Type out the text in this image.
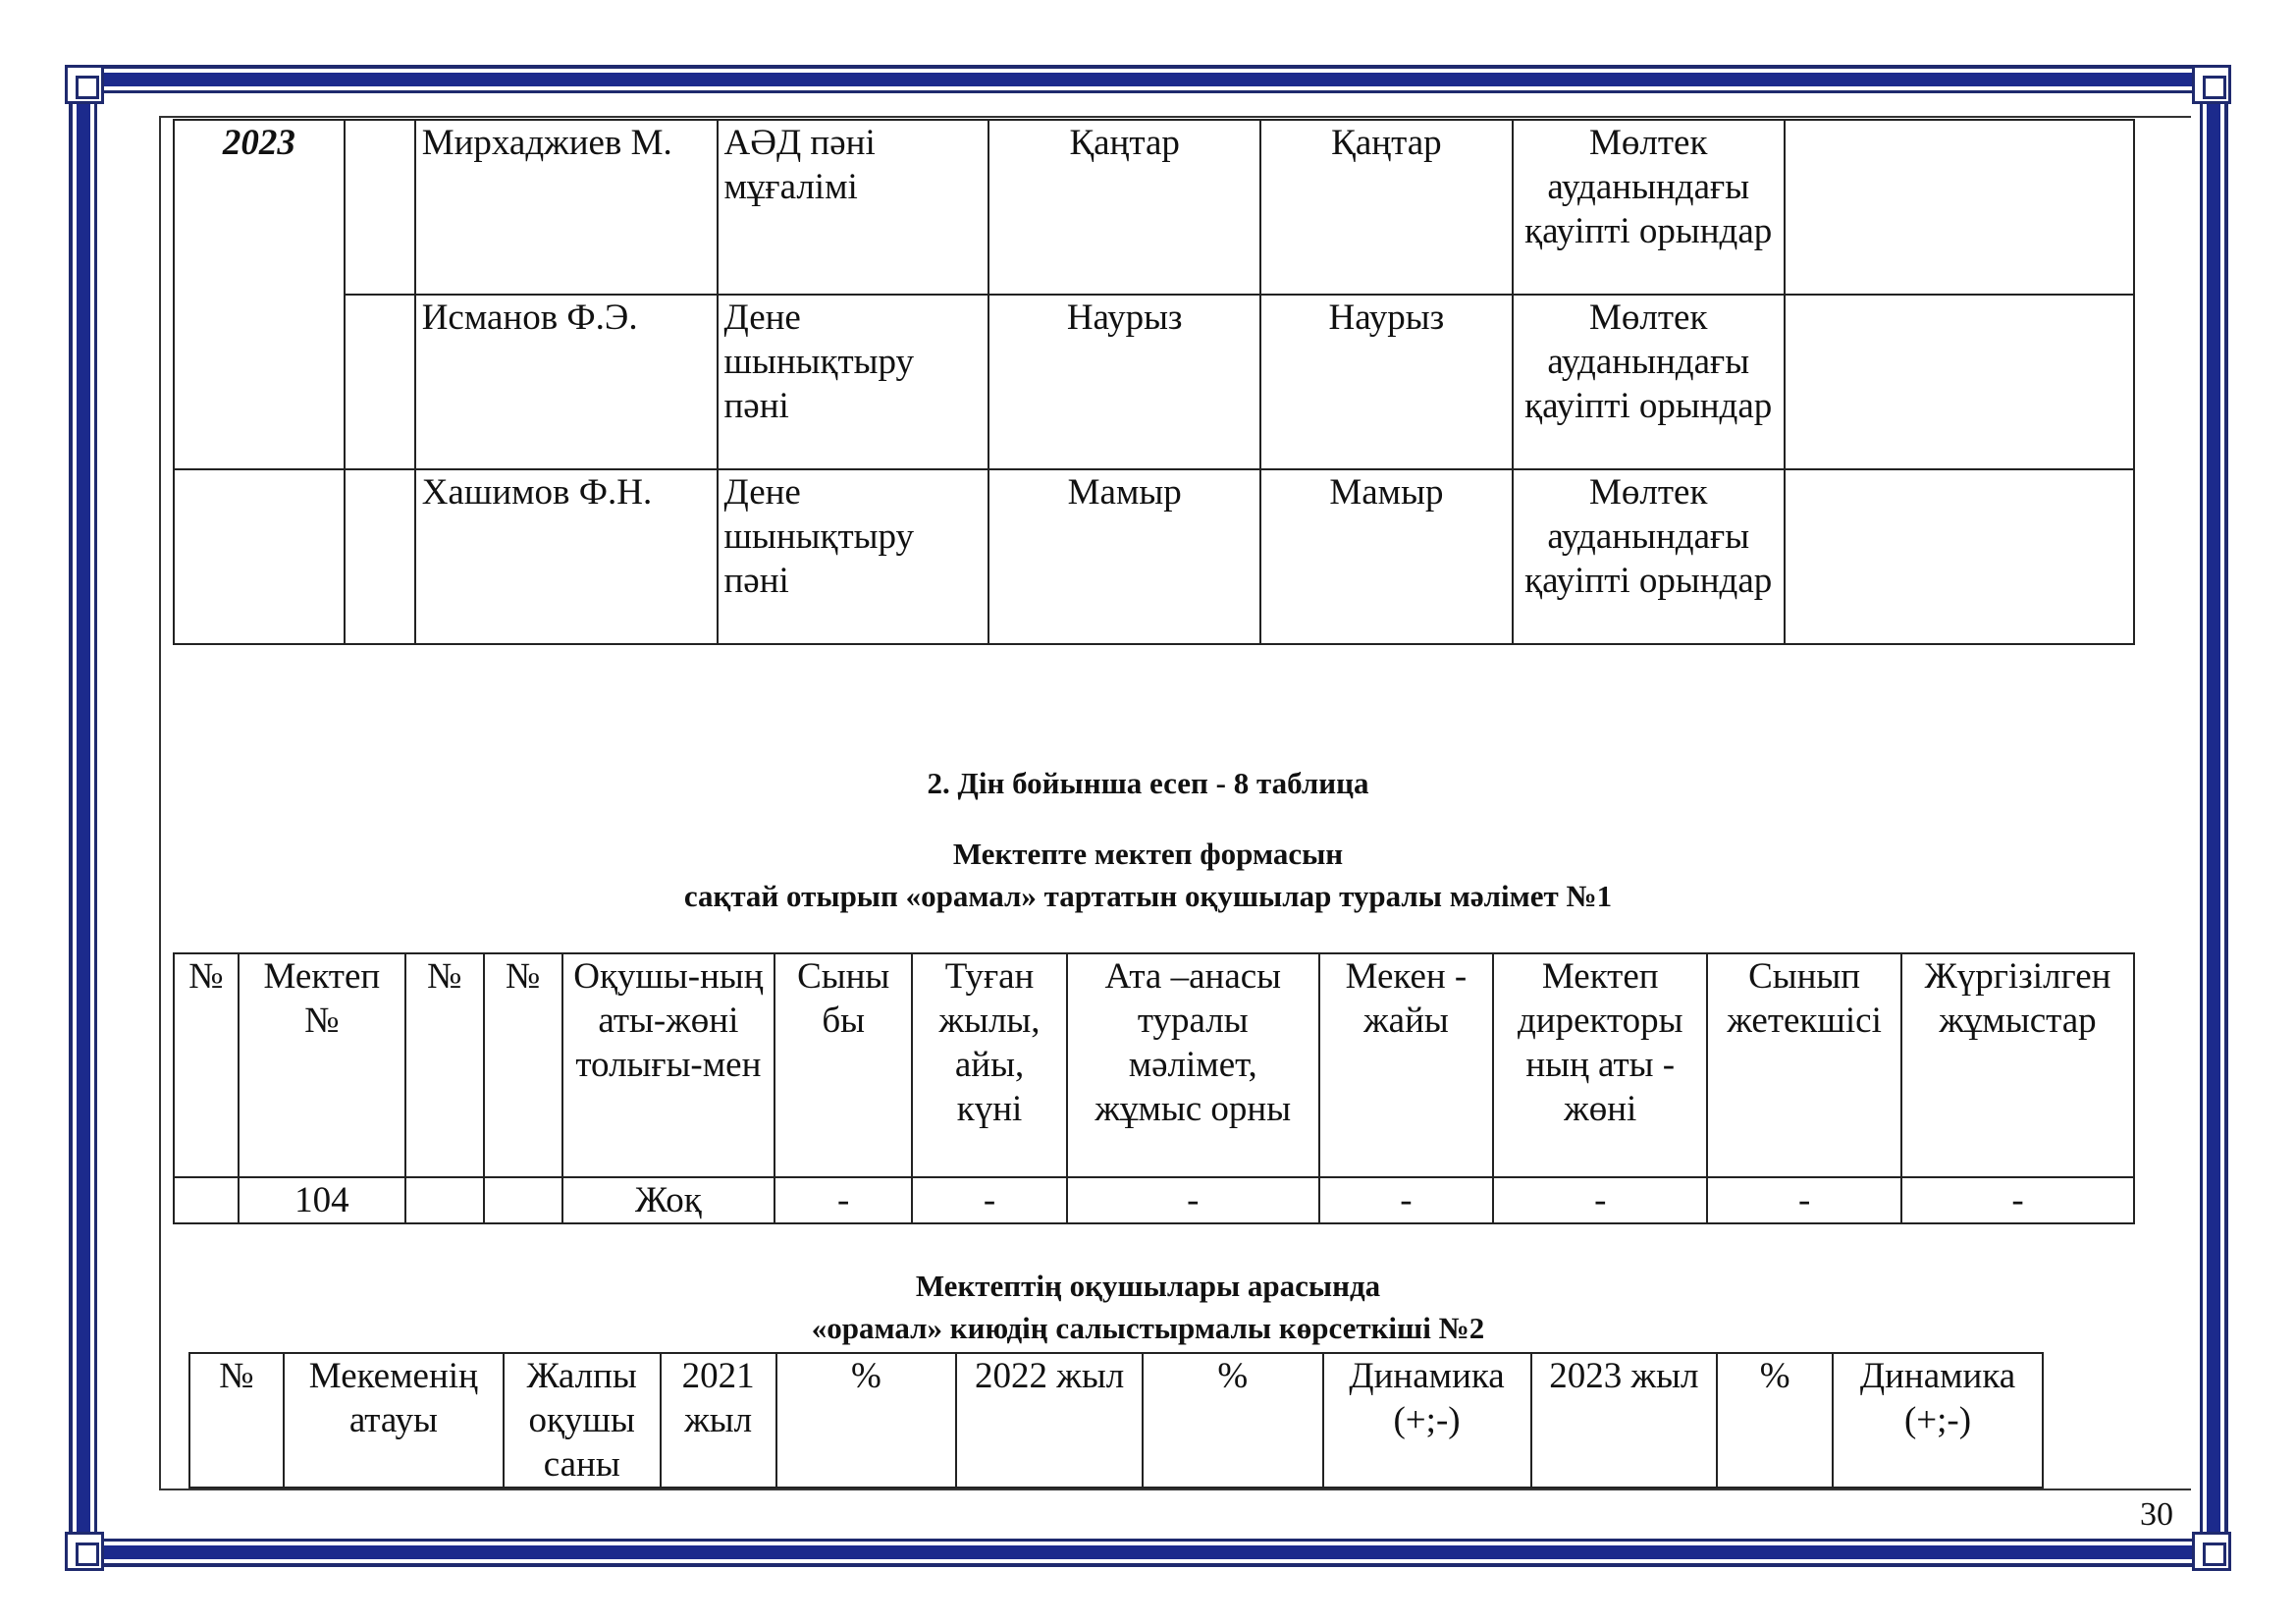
2023		Мирхаджиев М.	АӘД пәні мұғалімі	Қаңтар	Қаңтар	Мөлтек ауданындағы қауіпті орындар	
		Исманов Ф.Э.	Дене шынықтыру пәні	Наурыз	Наурыз	Мөлтек ауданындағы қауіпті орындар	
		Хашимов Ф.Н.	Дене шынықтыру пәні	Мамыр	Мамыр	Мөлтек ауданындағы қауіпті орындар	
2. Дін бойынша есеп - 8 таблица
Мектепте мектеп формасын
сақтай отырып «орамал» тартатын оқушылар туралы мәлімет №1
№	Мектеп №	№	№	Оқушы-ның аты-жөні толығы-мен	Сыны бы	Туған жылы, айы, күні	Ата –анасы туралы мәлімет, жұмыс орны	Мекен - жайы	Мектеп директоры ның аты - жөні	Сынып жетекшісі	Жүргізілген жұмыстар
	104			Жоқ	-	-	-	-	-	-	-
Мектептің оқушылары арасында
«орамал» киюдің салыстырмалы көрсеткіші №2
№	Мекеменің атауы	Жалпы оқушы саны	2021 жыл	%	2022 жыл	%	Динамика (+;-)	2023 жыл	%	Динамика (+;-)
30
